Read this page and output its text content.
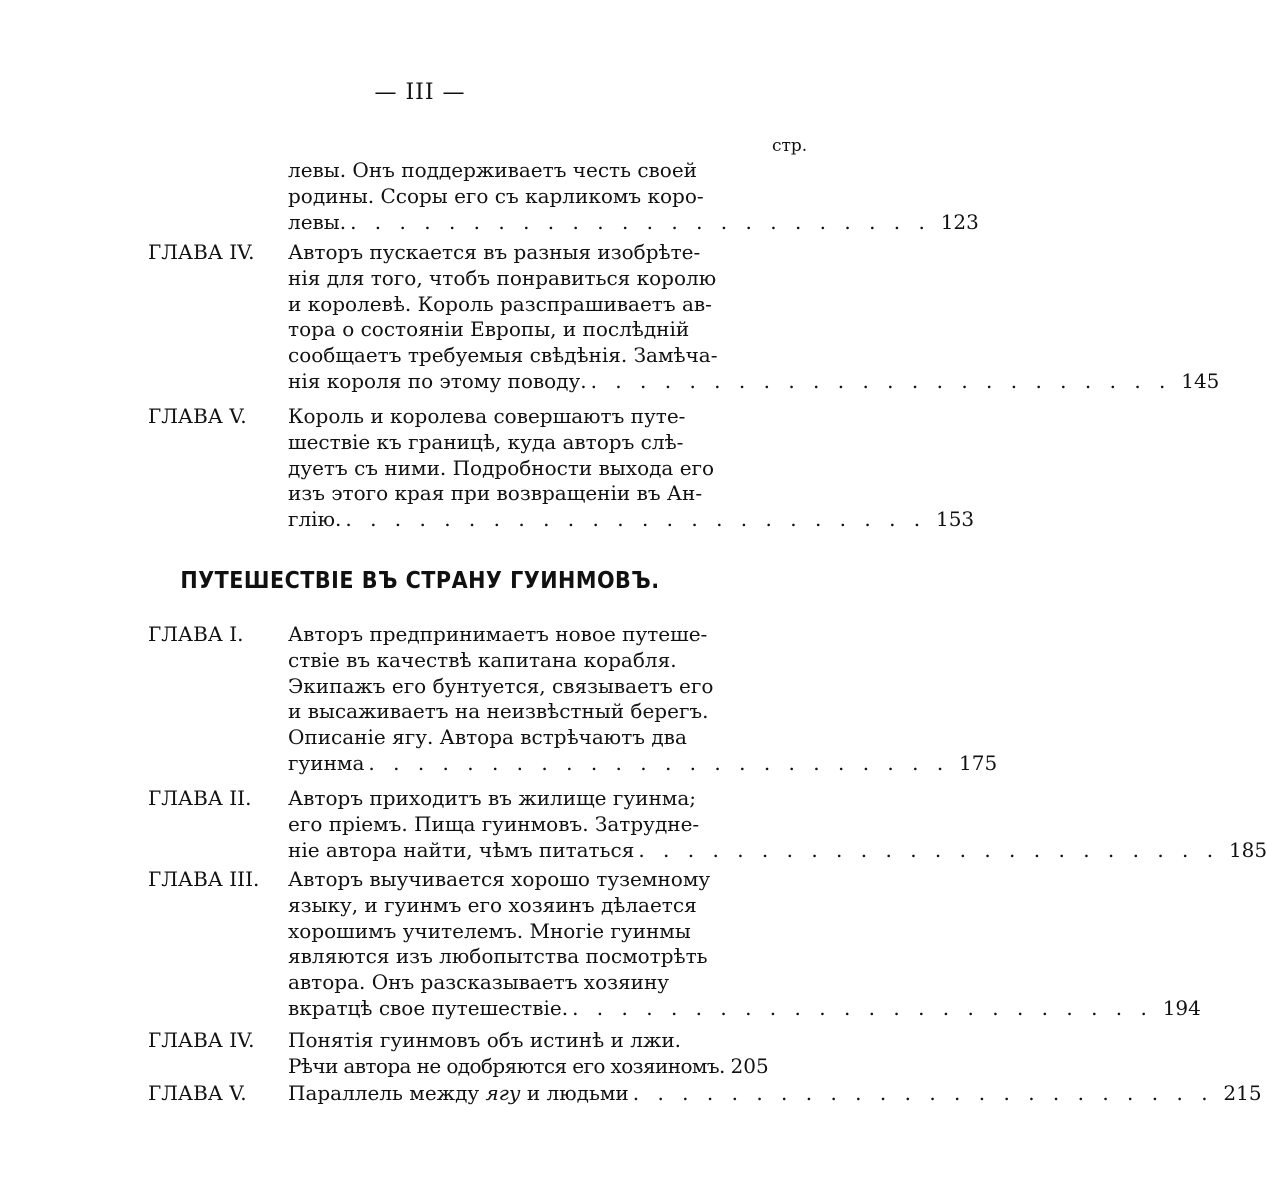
— III —
стр.
левы. Онъ поддерживаетъ честь своей
родины. Ссоры его съ карликомъ коро-
левы. . . . . . . . . . . . . . . . . . . . . . . . . 123
ГЛАВА IV.	Авторъ пускается въ разныя изобрѣте-
нія для того, чтобъ понравиться королю
и королевѣ. Король разспрашиваетъ ав-
тора о состояніи Европы, и послѣдній
сообщаетъ требуемыя свѣдѣнія. Замѣча-
нія короля по этому поводу. . . . . . . . . . . . . . . . . . . . . . . . . 145
ГЛАВА V.	Король и королева совершаютъ путе-
шествіе къ границѣ, куда авторъ слѣ-
дуетъ съ ними. Подробности выхода его
изъ этого края при возвращеніи въ Ан-
глію. . . . . . . . . . . . . . . . . . . . . . . . . 153
ПУТЕШЕСТВІЕ ВЪ СТРАНУ ГУИНМОВЪ.
ГЛАВА I.	Авторъ предпринимаетъ новое путеше-
ствіе въ качествѣ капитана корабля.
Экипажъ его бунтуется, связываетъ его
и высаживаетъ на неизвѣстный берегъ.
Описаніе ягу. Автора встрѣчаютъ два
гуинма . . . . . . . . . . . . . . . . . . . . . . . . 175
ГЛАВА II.	Авторъ приходитъ въ жилище гуинма;
его пріемъ. Пища гуинмовъ. Затрудне-
ніе автора найти, чѣмъ питаться . . . . . . . . . . . . . . . . . . . . . . . . 185
ГЛАВА III.	Авторъ выучивается хорошо туземному
языку, и гуинмъ его хозяинъ дѣлается
хорошимъ учителемъ. Многіе гуинмы
являются изъ любопытства посмотрѣть
автора. Онъ разсказываетъ хозяину
вкратцѣ свое путешествіе. . . . . . . . . . . . . . . . . . . . . . . . . 194
ГЛАВА IV.	Понятія гуинмовъ объ истинѣ и лжи.
Рѣчи автора не одобряются его хозяиномъ. 205
ГЛАВА V.	Параллель между ягу и людьми . . . . . . . . . . . . . . . . . . . . . . . . 215
